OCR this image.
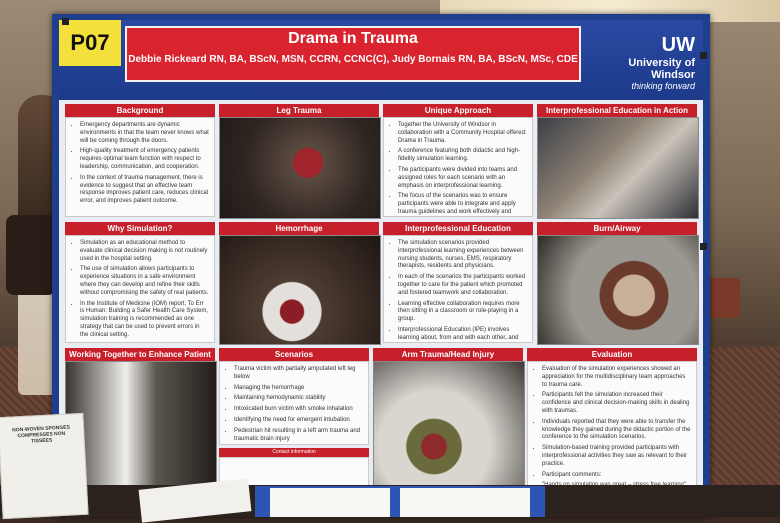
P07	Drama in Trauma
Debbie Rickeard RN, BA, BScN, MSN, CCRN, CCNC(C), Judy Bornais RN, BA, BScN, MSc, CDE
UW
University of Windsor
thinking forward
Background
• Emergency departments are dynamic environments in that the team never knows what will be coming through the doors.
• High-quality treatment of emergency patients requires optimal team function with respect to leadership, communication, and cooperation.
• In the context of trauma management, there is evidence to suggest that an effective team response improves patient care, reduces clinical error, and improves patient outcome.
Leg Trauma	Unique Approach
• Together the University of Windsor in collaboration with a Community Hospital offered: Drama in Trauma.
• A conference featuring both didactic and high-fidelity simulation learning.
• The participants were divided into teams and assigned roles for each scenario with an emphasis on interprofessional learning.
• The focus of the scenarios was to ensure participants were able to integrate and apply trauma guidelines and work effectively and
Interprofessional Education in Action
Why Simulation?
• Simulation as an educational method to evaluate clinical decision making is not routinely used in the hospital setting.
• The use of simulation allows participants to experience situations in a safe environment where they can develop and refine their skills without compromising the safety of real patients.
• In the Institute of Medicine (IOM) report, To Err is Human: Building a Safer Health Care System, simulation training is recommended as one strategy that can be used to prevent errors in the clinical setting.
Hemorrhage	Interprofessional Education
• The simulation scenarios provided interprofessional learning experiences between nursing students, nurses, EMS, respiratory therapists, residents and physicians.
• In each of the scenarios the participants worked together to care for the patient which promoted and fostered teamwork and collaboration.
• Learning effective collaboration requires more then sitting in a classroom or role-playing in a group.
• Interprofessional Education (IPE) involves learning about, from and with each other, and
Burn/Airway
Working Together to Enhance Patient	Scenarios
• Trauma victim with partially amputated left leg below
• Managing the hemorrhage
• Maintaining hemodynamic stability
• Intoxicated burn victim with smoke inhalation
• Identifying the need for emergent intubation
• Pedestrian hit resulting in a left arm trauma and traumatic brain injury
Arm Trauma/Head Injury	Evaluation
• Evaluation of the simulation experiences showed an appreciation for the multidisciplinary team approaches to trauma care.
• Participants felt the simulation increased their confidence and clinical decision-making skills in dealing with traumas.
• Individuals reported that they were able to transfer the knowledge they gained during the didactic portion of the conference to the simulation scenarios.
• Simulation-based training provided participants with interprofessional activities they saw as relevant to their practice.
• Participant comments:
•
•
•
Contact information
NON-WOVEN SPONGES COMPRESSES NON TISSÉES
